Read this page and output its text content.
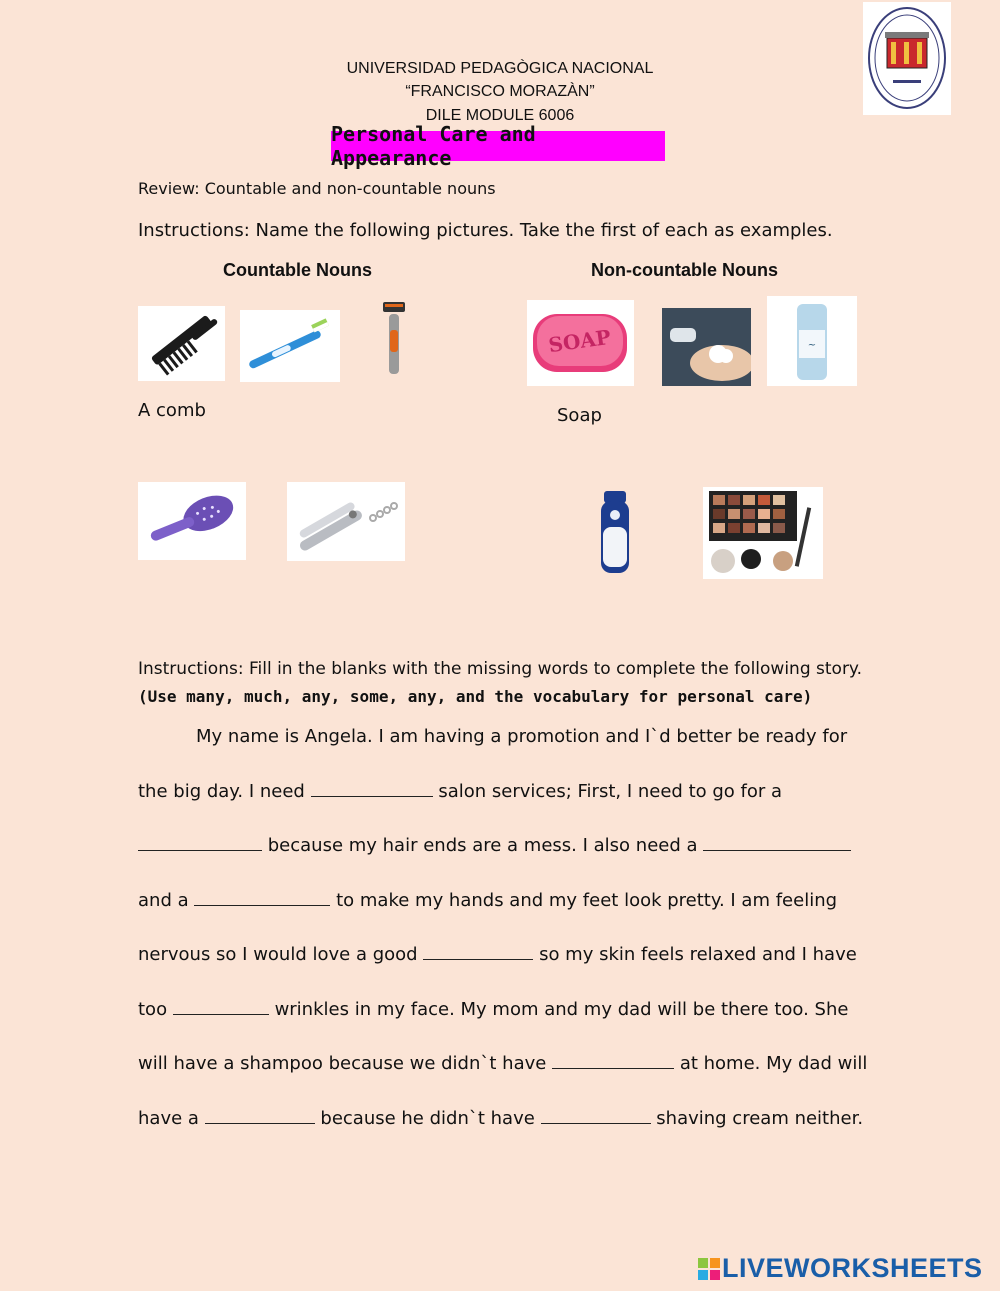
UNIVERSIDAD PEDAGÒGICA NACIONAL
“FRANCISCO MORAZÀN”
DILE MODULE 6006
Personal Care and Appearance
Review: Countable and non-countable nouns
Instructions: Name the following pictures. Take the first of each as examples.
Countable Nouns	Non-countable Nouns
A comb
SOAP	~
Soap
Instructions: Fill in the blanks with the missing words to complete the following story.
(Use many, much, any, some, any, and the vocabulary for personal care)

My name is Angela. I am having a promotion and I`d better be ready for

the big day. I need	salon services; First, I need to go for a

because my hair ends are a mess. I also need a

and a	to make my hands and my feet look pretty. I am feeling

nervous so I would love a good	so my skin feels relaxed and I have

too	wrinkles in my face. My mom and my dad will be there too. She

will have a shampoo because we didn`t have	at home. My dad will

have a	because he didn`t have	shaving cream neither.

LIVEWORKSHEETS
